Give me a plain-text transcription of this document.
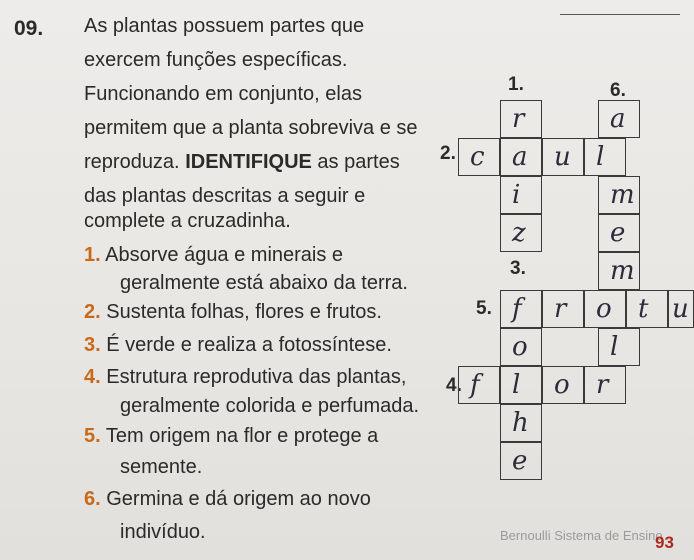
09. As plantas possuem partes que
exercem funções específicas.
Funcionando em conjunto, elas
permitem que a planta sobreviva e se
reproduza. IDENTIFIQUE as partes
das plantas descritas a seguir e
complete a cruzadinha.
1. Absorve água e minerais e
geralmente está abaixo da terra.
2. Sustenta folhas, flores e frutos.
3. É verde e realiza a fotossíntese.
4. Estrutura reprodutiva das plantas,
geralmente colorida e perfumada.
5. Tem origem na flor e protege a
semente.
6. Germina e dá origem ao novo
indivíduo.
1.	6.
2.
3.
5.
4.
r
c a u l
i
z
a
m
e
m
f r o t u
o	l
f l o r
h
e
Bernoulli Sistema de Ensino
93
